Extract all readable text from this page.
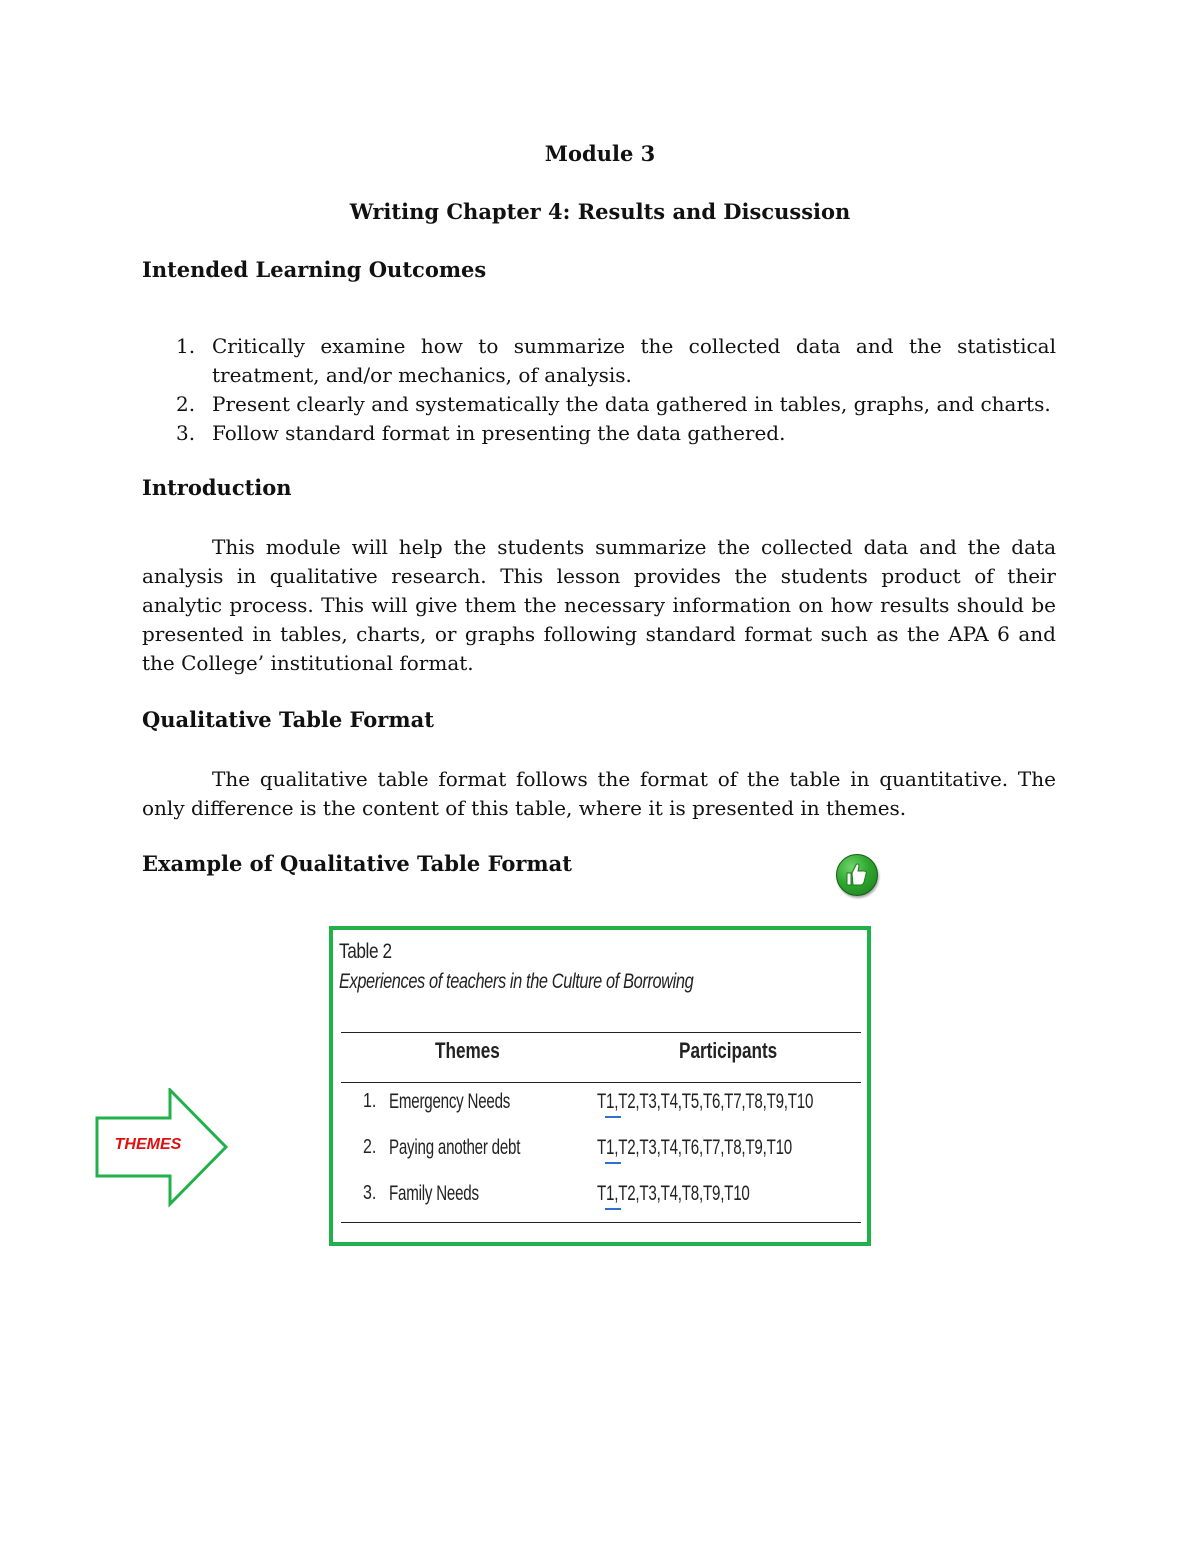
Module 3
Writing Chapter 4: Results and Discussion
Intended Learning Outcomes
1. Critically examine how to summarize the collected data and the statistical treatment, and/or mechanics, of analysis.
2. Present clearly and systematically the data gathered in tables, graphs, and charts.
3. Follow standard format in presenting the data gathered.
Introduction
This module will help the students summarize the collected data and the data analysis in qualitative research. This lesson provides the students product of their analytic process. This will give them the necessary information on how results should be presented in tables, charts, or graphs following standard format such as the APA 6 and the College’ institutional format.
Qualitative Table Format
The qualitative table format follows the format of the table in quantitative. The only difference is the content of this table, where it is presented in themes.
Example of Qualitative Table Format
Table 2
Experiences of teachers in the Culture of Borrowing
Themes	Participants
1. Emergency Needs	T1,T2,T3,T4,T5,T6,T7,T8,T9,T10
2. Paying another debt	T1,T2,T3,T4,T6,T7,T8,T9,T10
3. Family Needs	T1,T2,T3,T4,T8,T9,T10
THEMES
